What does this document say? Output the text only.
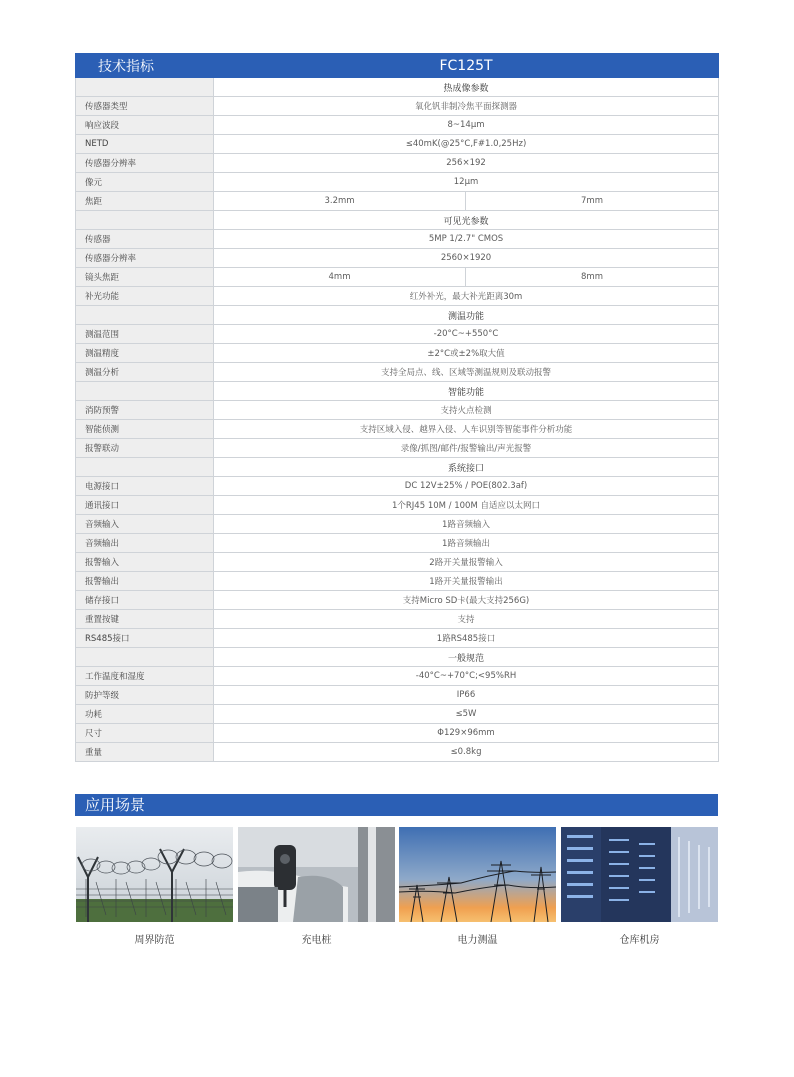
技术指标	FC125T	
	热成像参数	
传感器类型	氧化钒非制冷焦平面探测器	
响应波段	8~14μm	
NETD	≤40mK(@25°C,F#1.0,25Hz)	
传感器分辨率	256×192	
像元	12μm	
焦距	3.2mm	7mm
	可见光参数	
传感器	5MP 1/2.7" CMOS	
传感器分辨率	2560×1920	
镜头焦距	4mm	8mm
补光功能	红外补光，最大补光距离30m	
	测温功能	
测温范围	-20°C~+550°C	
测温精度	±2°C或±2%取大值	
测温分析	支持全局点、线、区域等测温规则及联动报警	
	智能功能	
消防预警	支持火点检测	
智能侦测	支持区域入侵、越界入侵、人车识别等智能事件分析功能	
报警联动	录像/抓图/邮件/报警输出/声光报警	
	系统接口	
电源接口	DC 12V±25% / POE(802.3af)	
通讯接口	1个RJ45 10M / 100M 自适应以太网口	
音频输入	1路音频输入	
音频输出	1路音频输出	
报警输入	2路开关量报警输入	
报警输出	1路开关量报警输出	
储存接口	支持Micro SD卡(最大支持256G)	
重置按键	支持	
RS485接口	1路RS485接口	
	一般规范	
工作温度和湿度	-40°C~+70°C;<95%RH	
防护等级	IP66	
功耗	≤5W	
尺寸	Φ129×96mm	
重量	≤0.8kg	
应用场景
周界防范	充电桩	电力测温	仓库机房
